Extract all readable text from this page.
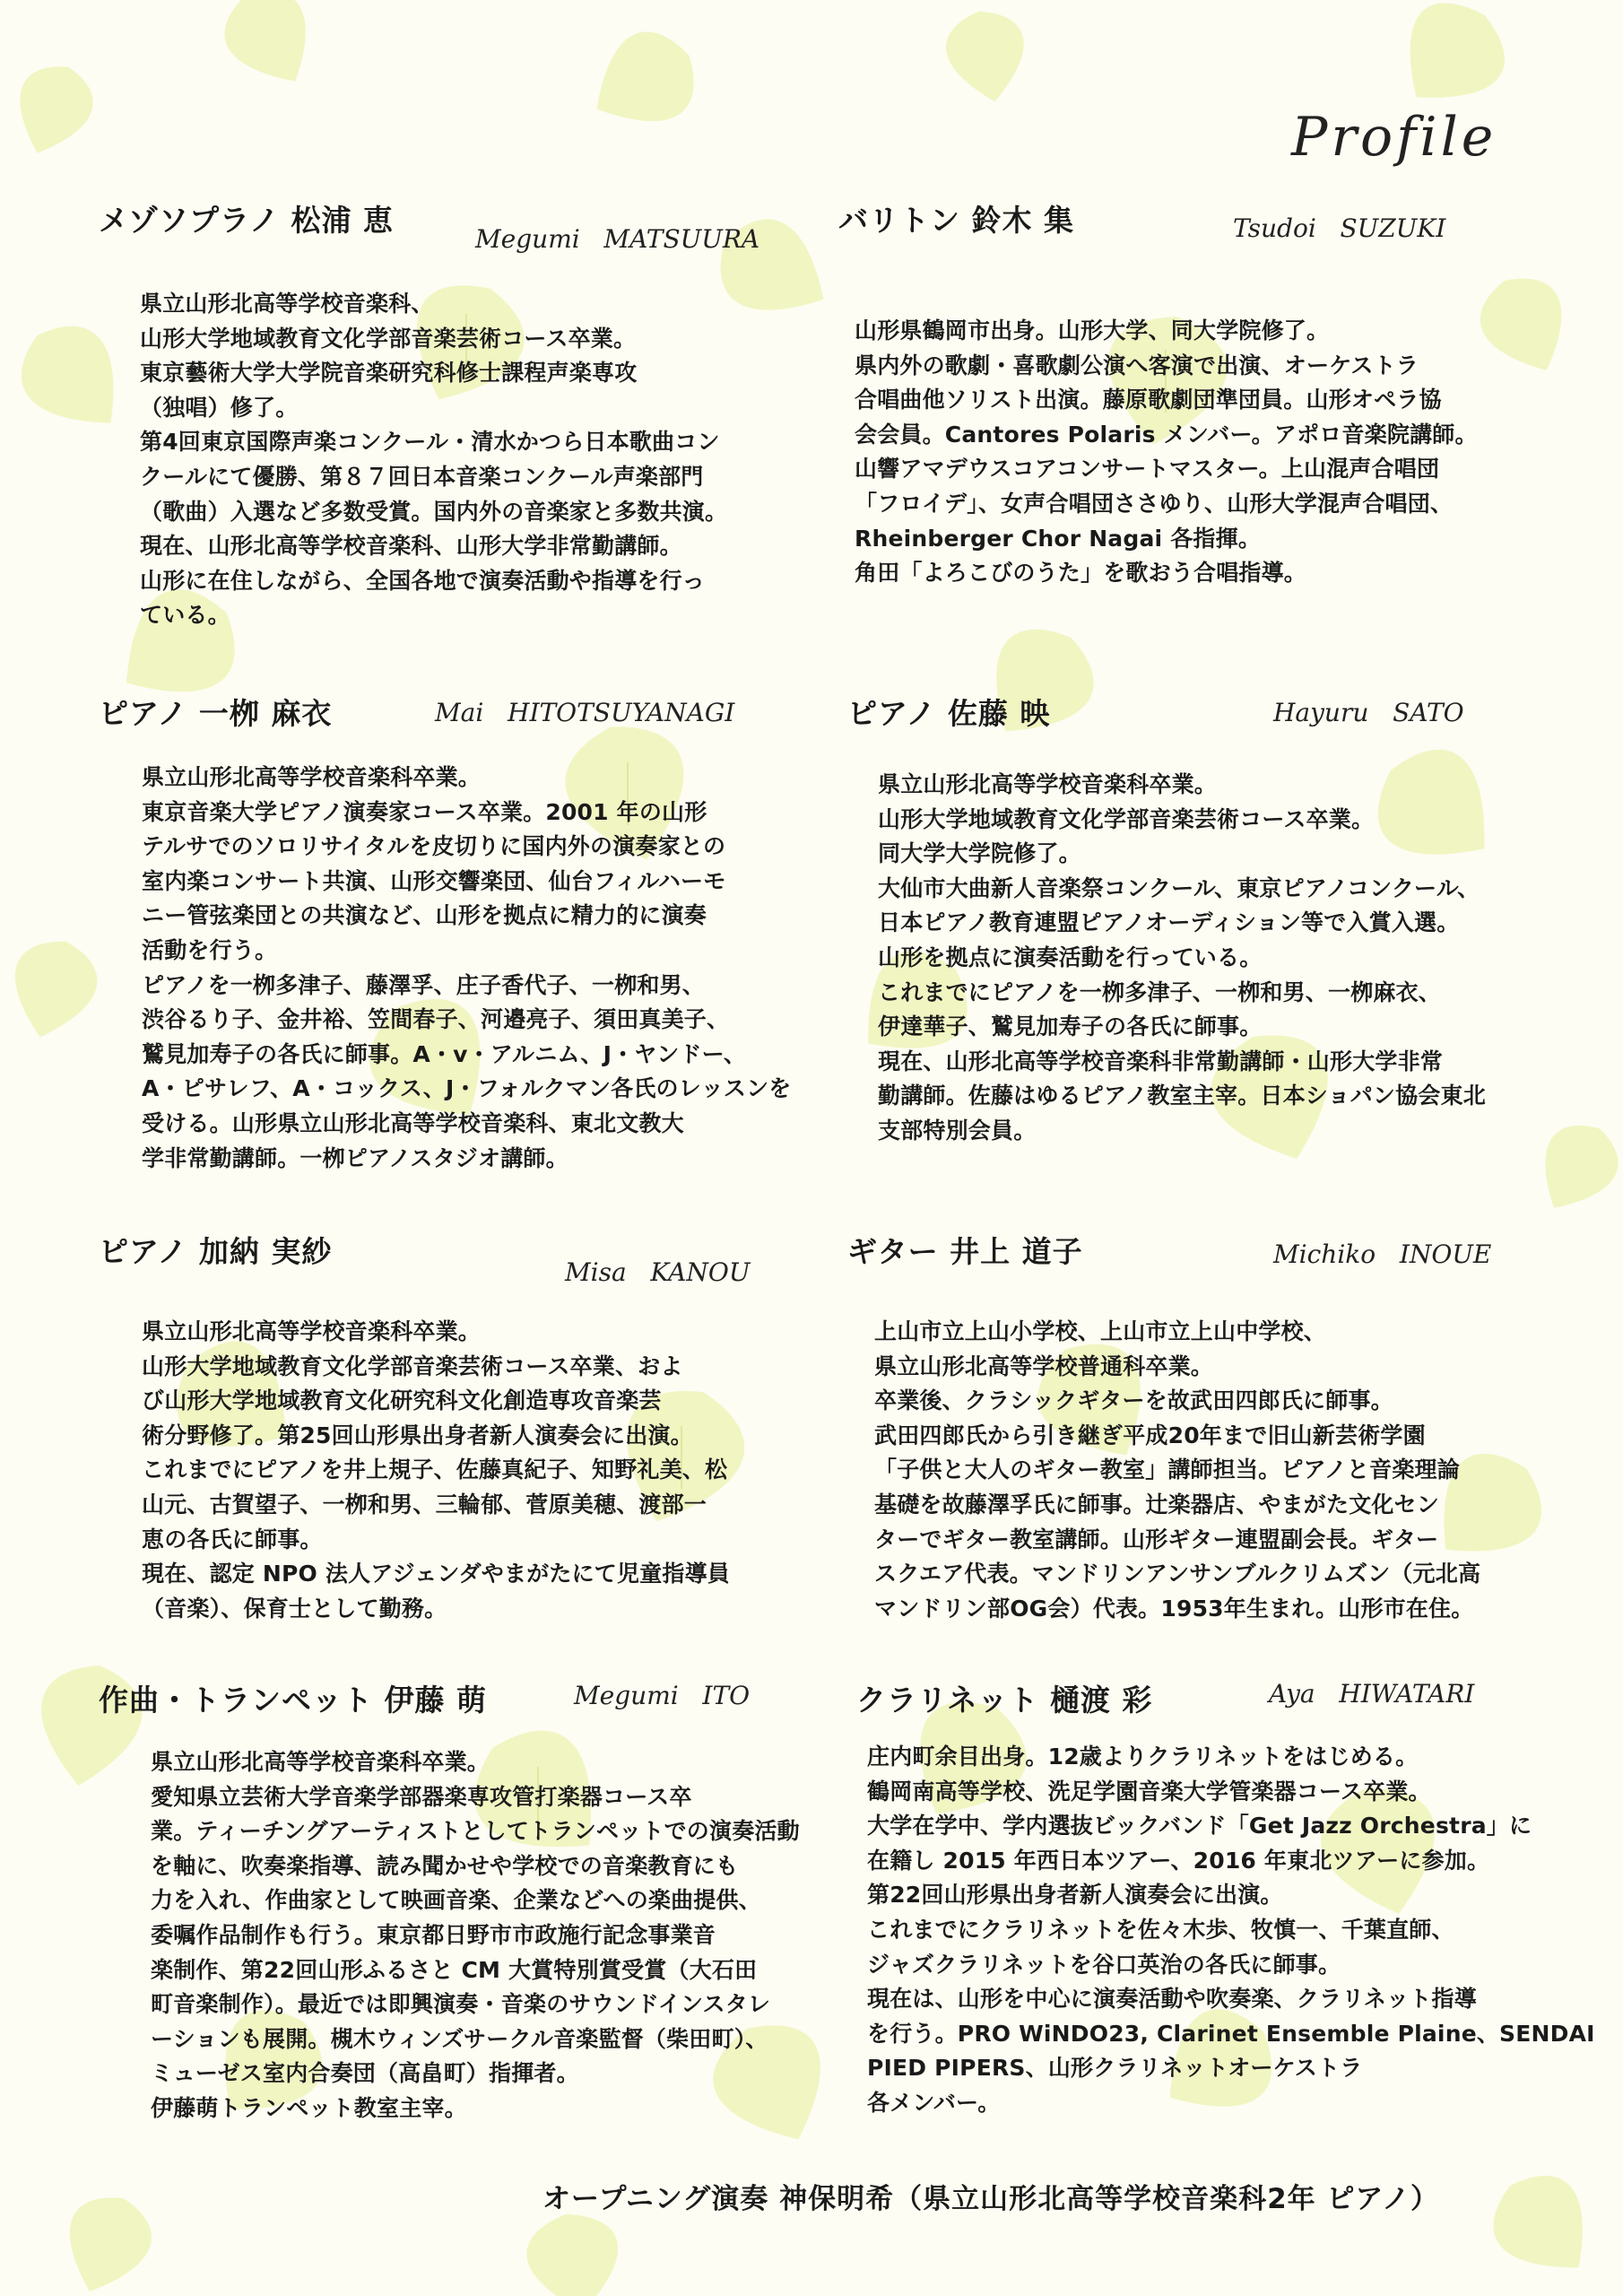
Profile
メゾソプラノ 松浦 恵

Megumi   MATSUURA

県立山形北高等学校音楽科、
山形大学地域教育文化学部音楽芸術コース卒業。
東京藝術大学大学院音楽研究科修士課程声楽専攻
（独唱）修了。
第4回東京国際声楽コンクール・清水かつら日本歌曲コン
クールにて優勝、第８７回日本音楽コンクール声楽部門
（歌曲）入選など多数受賞。国内外の音楽家と多数共演。
現在、山形北高等学校音楽科、山形大学非常勤講師。
山形に在住しながら、全国各地で演奏活動や指導を行っ
ている。
バリトン 鈴木 集	Tsudoi   SUZUKI

山形県鶴岡市出身。山形大学、同大学院修了。
県内外の歌劇・喜歌劇公演へ客演で出演、オーケストラ
合唱曲他ソリスト出演。藤原歌劇団準団員。山形オペラ協
会会員。Cantores Polaris メンバー。アポロ音楽院講師。
山響アマデウスコアコンサートマスター。上山混声合唱団
「フロイデ」、女声合唱団ささゆり、山形大学混声合唱団、
Rheinberger Chor Nagai 各指揮。
角田「よろこびのうた」を歌おう合唱指導。
ピアノ 一栁 麻衣	Mai   HITOTSUYANAGI

県立山形北高等学校音楽科卒業。
東京音楽大学ピアノ演奏家コース卒業。2001 年の山形
テルサでのソロリサイタルを皮切りに国内外の演奏家との
室内楽コンサート共演、山形交響楽団、仙台フィルハーモ
ニー管弦楽団との共演など、山形を拠点に精力的に演奏
活動を行う。
ピアノを一栁多津子、藤澤孚、庄子香代子、一栁和男、
渋谷るり子、金井裕、笠間春子、河邉亮子、須田真美子、
鷲見加寿子の各氏に師事。A・v・アルニム、J・ヤンドー、
A・ピサレフ、A・コックス、J・フォルクマン各氏のレッスンを
受ける。山形県立山形北高等学校音楽科、東北文教大
学非常勤講師。一栁ピアノスタジオ講師。
ピアノ 佐藤 映	Hayuru   SATO

県立山形北高等学校音楽科卒業。
山形大学地域教育文化学部音楽芸術コース卒業。
同大学大学院修了。
大仙市大曲新人音楽祭コンクール、東京ピアノコンクール、
日本ピアノ教育連盟ピアノオーディション等で入賞入選。
山形を拠点に演奏活動を行っている。
これまでにピアノを一栁多津子、一栁和男、一栁麻衣、
伊達華子、鷲見加寿子の各氏に師事。
現在、山形北高等学校音楽科非常勤講師・山形大学非常
勤講師。佐藤はゆるピアノ教室主宰。日本ショパン協会東北
支部特別会員。
ピアノ 加納 実紗

Misa   KANOU

県立山形北高等学校音楽科卒業。
山形大学地域教育文化学部音楽芸術コース卒業、およ
び山形大学地域教育文化研究科文化創造専攻音楽芸
術分野修了。第25回山形県出身者新人演奏会に出演。
これまでにピアノを井上規子、佐藤真紀子、知野礼美、松
山元、古賀望子、一栁和男、三輪郁、菅原美穂、渡部一
恵の各氏に師事。
現在、認定 NPO 法人アジェンダやまがたにて児童指導員
（音楽）、保育士として勤務。
ギター 井上 道子	Michiko   INOUE

上山市立上山小学校、上山市立上山中学校、
県立山形北高等学校普通科卒業。
卒業後、クラシックギターを故武田四郎氏に師事。
武田四郎氏から引き継ぎ平成20年まで旧山新芸術学園
「子供と大人のギター教室」講師担当。ピアノと音楽理論
基礎を故藤澤孚氏に師事。辻楽器店、やまがた文化セン
ターでギター教室講師。山形ギター連盟副会長。ギター
スクエア代表。マンドリンアンサンブルクリムズン（元北高
マンドリン部OG会）代表。1953年生まれ。山形市在住。
作曲・トランペット 伊藤 萌	Megumi   ITO

県立山形北高等学校音楽科卒業。
愛知県立芸術大学音楽学部器楽専攻管打楽器コース卒
業。ティーチングアーティストとしてトランペットでの演奏活動
を軸に、吹奏楽指導、読み聞かせや学校での音楽教育にも
力を入れ、作曲家として映画音楽、企業などへの楽曲提供、
委嘱作品制作も行う。東京都日野市市政施行記念事業音
楽制作、第22回山形ふるさと CM 大賞特別賞受賞（大石田
町音楽制作）。最近では即興演奏・音楽のサウンドインスタレ
ーションも展開。槻木ウィンズサークル音楽監督（柴田町）、
ミューゼス室内合奏団（高畠町）指揮者。
伊藤萌トランペット教室主宰。
クラリネット 樋渡 彩	Aya   HIWATARI

庄内町余目出身。12歳よりクラリネットをはじめる。
鶴岡南高等学校、洗足学園音楽大学管楽器コース卒業。
大学在学中、学内選抜ビックバンド「Get Jazz Orchestra」に
在籍し 2015 年西日本ツアー、2016 年東北ツアーに参加。
第22回山形県出身者新人演奏会に出演。
これまでにクラリネットを佐々木歩、牧慎一、千葉直師、
ジャズクラリネットを谷口英治の各氏に師事。
現在は、山形を中心に演奏活動や吹奏楽、クラリネット指導
を行う。PRO WiNDO23, Clarinet Ensemble Plaine、SENDAI
PIED PIPERS、山形クラリネットオーケストラ
各メンバー。

オープニング演奏 神保明希（県立山形北高等学校音楽科2年 ピアノ）
